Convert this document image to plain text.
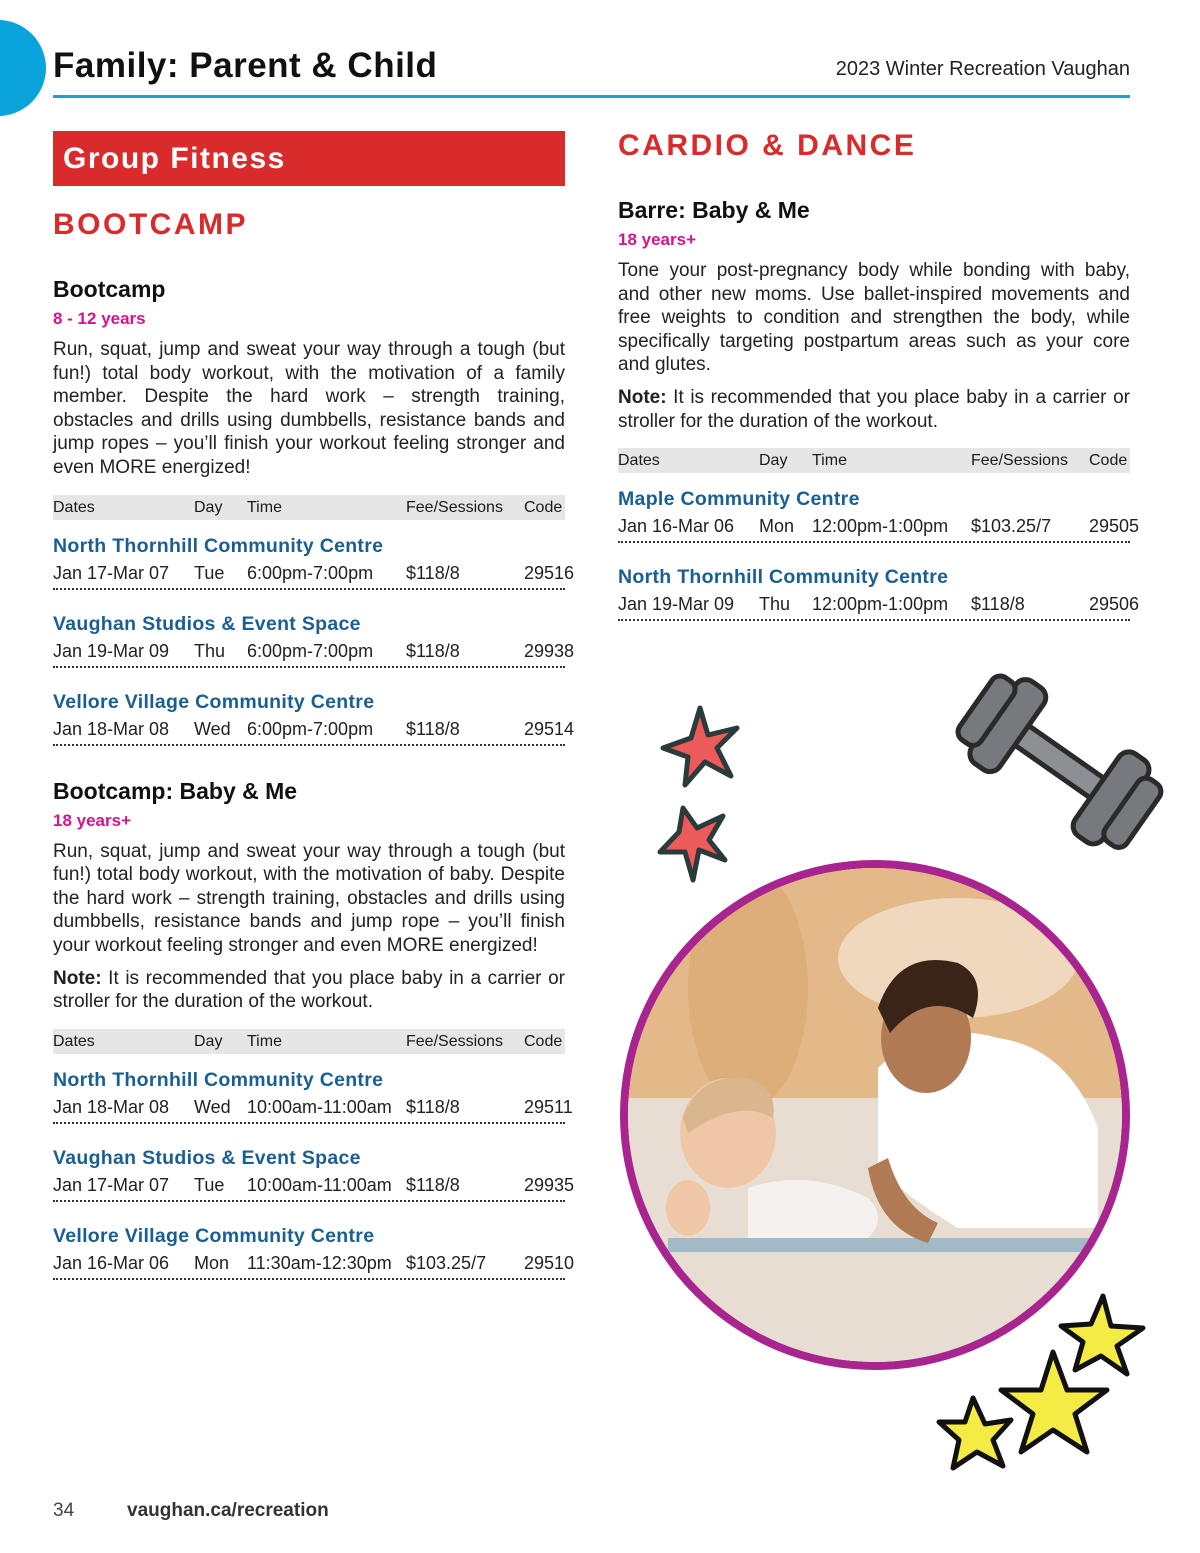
Family: Parent & Child	2023 Winter Recreation Vaughan
Group Fitness
BOOTCAMP
Bootcamp
8 - 12 years
Run, squat, jump and sweat your way through a tough (but fun!) total body workout, with the motivation of a family member. Despite the hard work – strength training, obstacles and drills using dumbbells, resistance bands and jump ropes – you’ll finish your workout feeling stronger and even MORE energized!
Dates	Day	Time	Fee/Sessions	Code
North Thornhill Community Centre
Jan 17-Mar 07	Tue	6:00pm-7:00pm	$118/8	29516
Vaughan Studios & Event Space
Jan 19-Mar 09	Thu	6:00pm-7:00pm	$118/8	29938
Vellore Village Community Centre
Jan 18-Mar 08	Wed 6:00pm-7:00pm	$118/8	29514
Bootcamp: Baby & Me
18 years+
Run, squat, jump and sweat your way through a tough (but fun!) total body workout, with the motivation of baby. Despite the hard work – strength training, obstacles and drills using dumbbells, resistance bands and jump rope – you’ll finish your workout feeling stronger and even MORE energized!
Note: It is recommended that you place baby in a carrier or stroller for the duration of the workout.
Dates	Day	Time	Fee/Sessions	Code
North Thornhill Community Centre
Jan 18-Mar 08	Wed 10:00am-11:00am $118/8	29511
Vaughan Studios & Event Space
Jan 17-Mar 07	Tue	10:00am-11:00am $118/8	29935
Vellore Village Community Centre
Jan 16-Mar 06	Mon 11:30am-12:30pm $103.25/7	29510
CARDIO & DANCE
Barre: Baby & Me
18 years+
Tone your post-pregnancy body while bonding with baby, and other new moms. Use ballet-inspired movements and free weights to condition and strengthen the body, while specifically targeting postpartum areas such as your core and glutes.
Note: It is recommended that you place baby in a carrier or stroller for the duration of the workout.
Dates	Day	Time	Fee/Sessions	Code
Maple Community Centre
Jan 16-Mar 06	Mon 12:00pm-1:00pm	$103.25/7	29505
North Thornhill Community Centre
Jan 19-Mar 09	Thu	12:00pm-1:00pm	$118/8	29506
34	vaughan.ca/recreation
